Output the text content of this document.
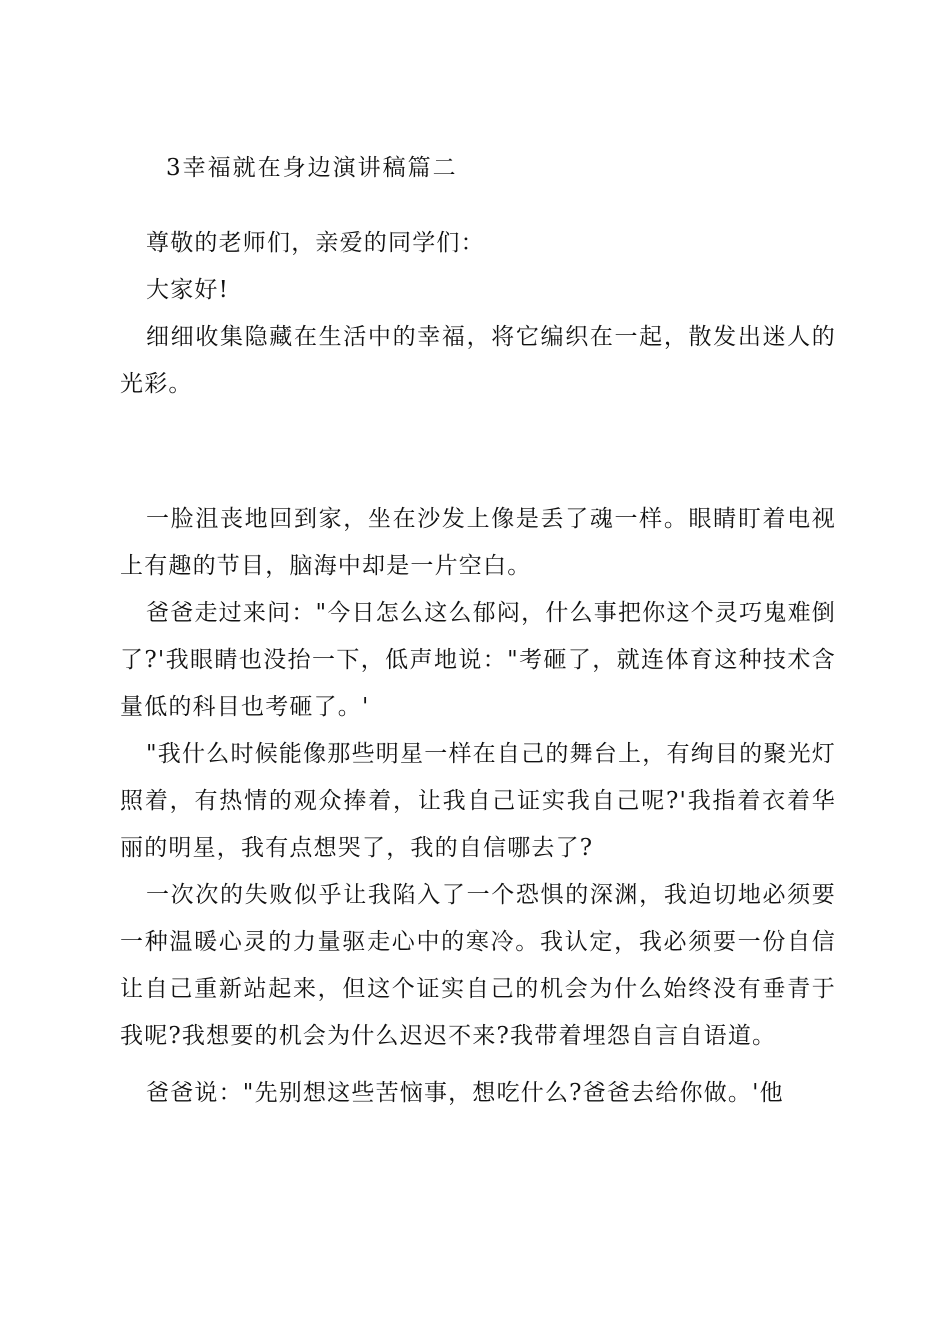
3幸福就在身边演讲稿篇二

尊敬的老师们，亲爱的同学们：

大家好!

细细收集隐藏在生活中的幸福，将它编织在一起，散发出迷人的光彩。

一脸沮丧地回到家，坐在沙发上像是丢了魂一样。眼睛盯着电视上有趣的节目，脑海中却是一片空白。

爸爸走过来问："今日怎么这么郁闷，什么事把你这个灵巧鬼难倒了?'我眼睛也没抬一下，低声地说："考砸了，就连体育这种技术含量低的科目也考砸了。'

"我什么时候能像那些明星一样在自己的舞台上，有绚目的聚光灯照着，有热情的观众捧着，让我自己证实我自己呢?'我指着衣着华丽的明星，我有点想哭了，我的自信哪去了?

一次次的失败似乎让我陷入了一个恐惧的深渊，我迫切地必须要一种温暖心灵的力量驱走心中的寒冷。我认定，我必须要一份自信让自己重新站起来，但这个证实自己的机会为什么始终没有垂青于我呢?我想要的机会为什么迟迟不来?我带着埋怨自言自语道。

爸爸说："先别想这些苦恼事，想吃什么?爸爸去给你做。'他
